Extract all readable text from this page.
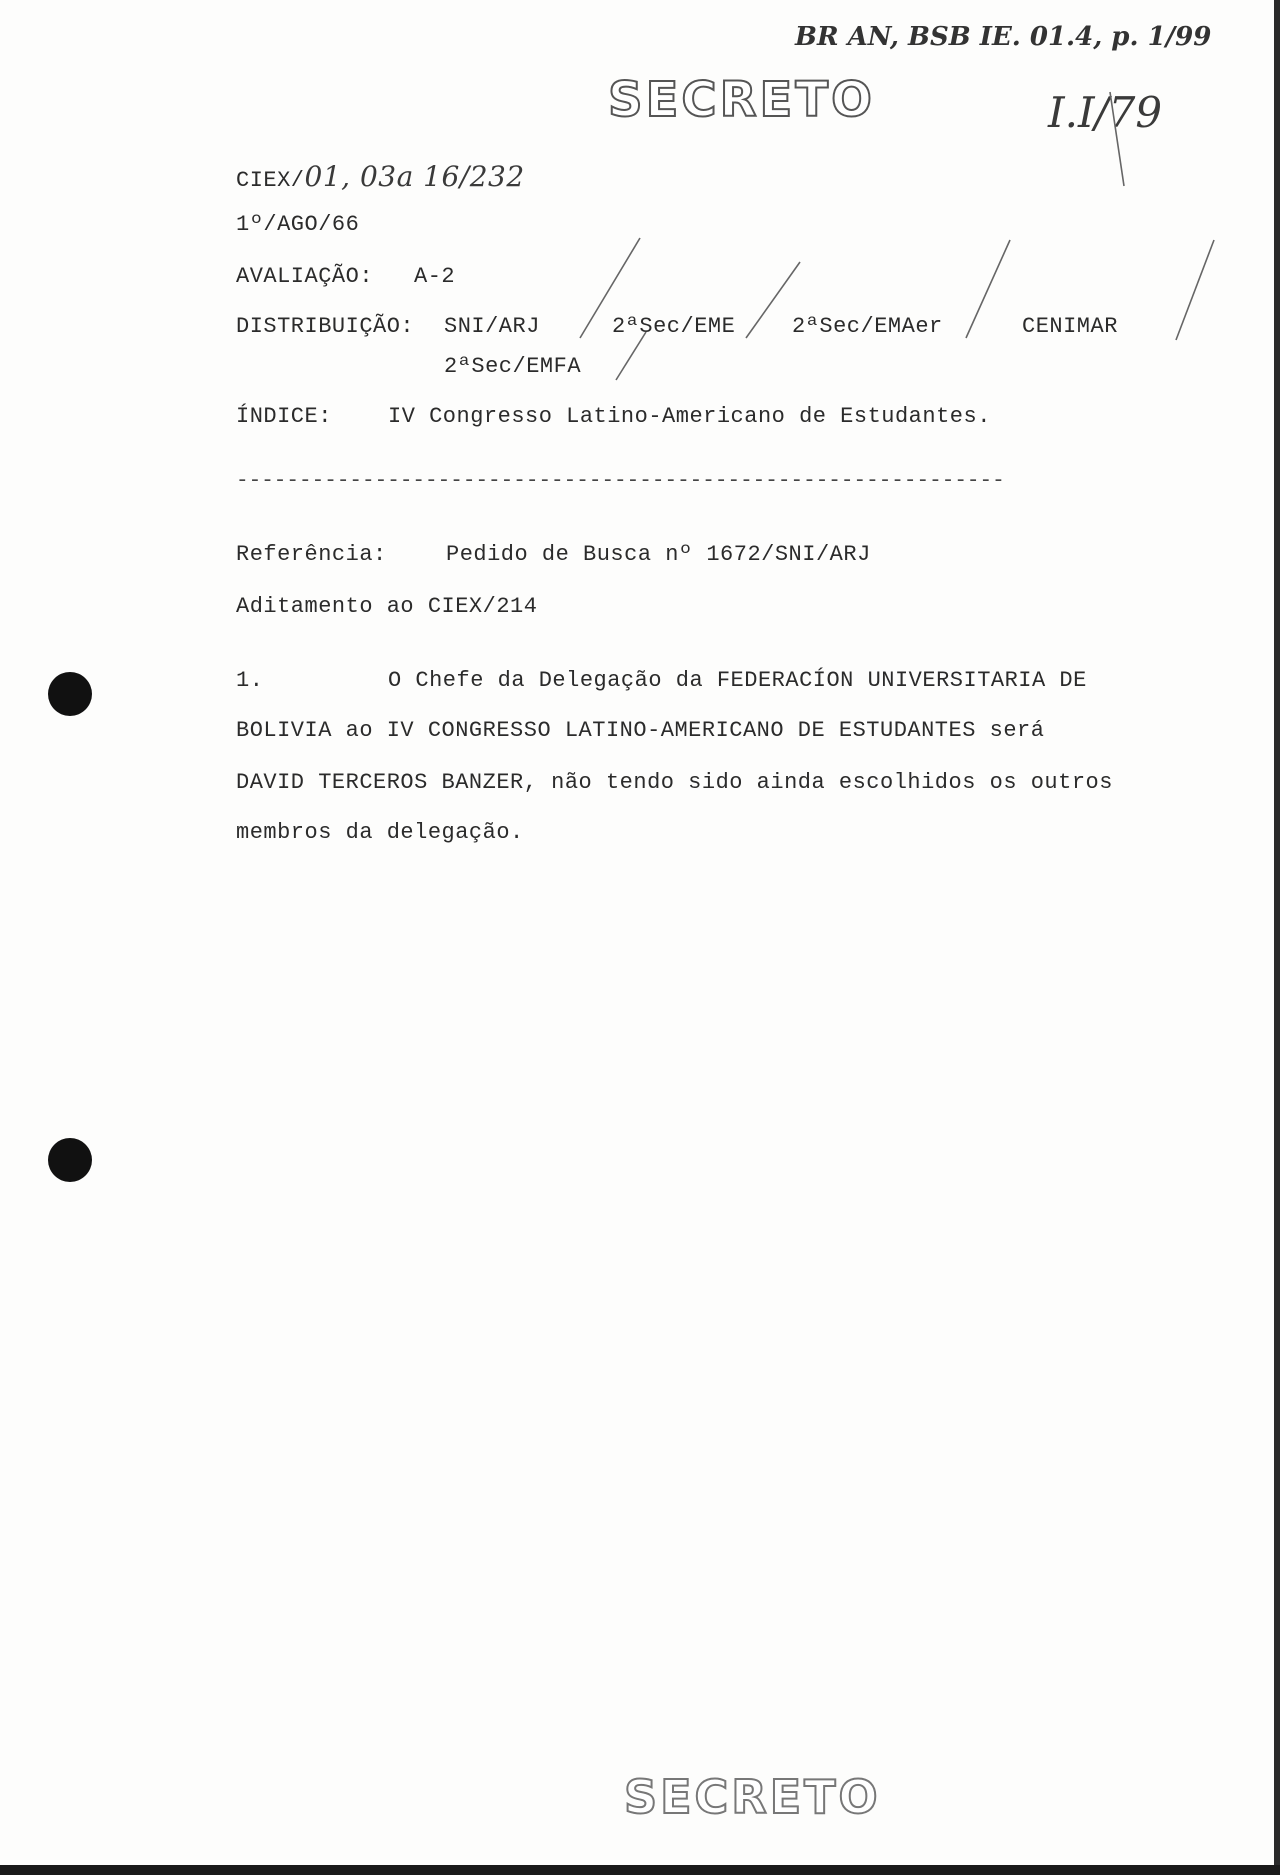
BR AN, BSB IE. 01.4, p. 1/99
SECRETO	I.I/79
CIEX/01, 03a 16/232
1º/AGO/66
AVALIAÇÃO: A-2
DISTRIBUIÇÃO: SNI/ARJ	2ªSec/EME	2ªSec/EMAer	CENIMAR
2ªSec/EMFA
ÍNDICE:	IV Congresso Latino-Americano de Estudantes.
-------------------------------------------------------------
Referência:	Pedido de Busca nº 1672/SNI/ARJ
Aditamento ao CIEX/214
1.	O Chefe da Delegação da FEDERACÍON UNIVERSITARIA DE
BOLIVIA ao IV CONGRESSO LATINO-AMERICANO DE ESTUDANTES será
DAVID TERCEROS BANZER, não tendo sido ainda escolhidos os outros
membros da delegação.
SECRETO
